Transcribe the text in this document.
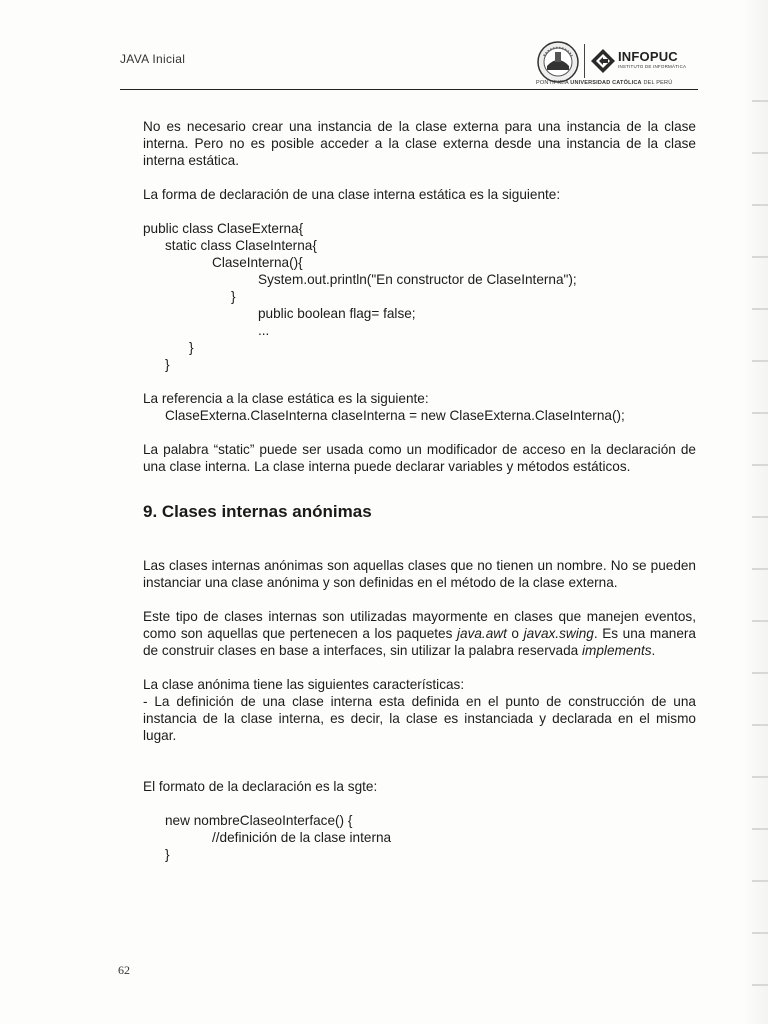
JAVA Inicial	INFOPUC
INSTITUTO DE INFORMÁTICA
PONTIFICIA UNIVERSIDAD CATÓLICA DEL PERÚ

No es necesario crear una instancia de la clase externa para una instancia de la clase interna. Pero no es posible acceder a la clase externa desde una instancia de la clase interna estática.

La forma de declaración de una clase interna estática es la siguiente:

public class ClaseExterna{
static class ClaseInterna{
ClaseInterna(){
System.out.println("En constructor de ClaseInterna");
}
public boolean flag= false;
...
}
}

La referencia a la clase estática es la siguiente:

ClaseExterna.ClaseInterna claseInterna = new ClaseExterna.ClaseInterna();

La palabra “static” puede ser usada como un modificador de acceso en la declaración de una clase interna. La clase interna puede declarar variables y métodos estáticos.

9. Clases internas anónimas

Las clases internas anónimas son aquellas clases que no tienen un nombre. No se pueden instanciar una clase anónima y son definidas en el método de la clase externa.

Este tipo de clases internas son utilizadas mayormente en clases que manejen eventos, como son aquellas que pertenecen a los paquetes java.awt o javax.swing. Es una manera de construir clases en base a interfaces, sin utilizar la palabra reservada implements.

La clase anónima tiene las siguientes características:

- La definición de una clase interna esta definida en el punto de construcción de una instancia de la clase interna, es decir, la clase es instanciada y declarada en el mismo lugar.

El formato de la declaración es la sgte:

new nombreClaseoInterface() {
//definición de la clase interna
}
62
